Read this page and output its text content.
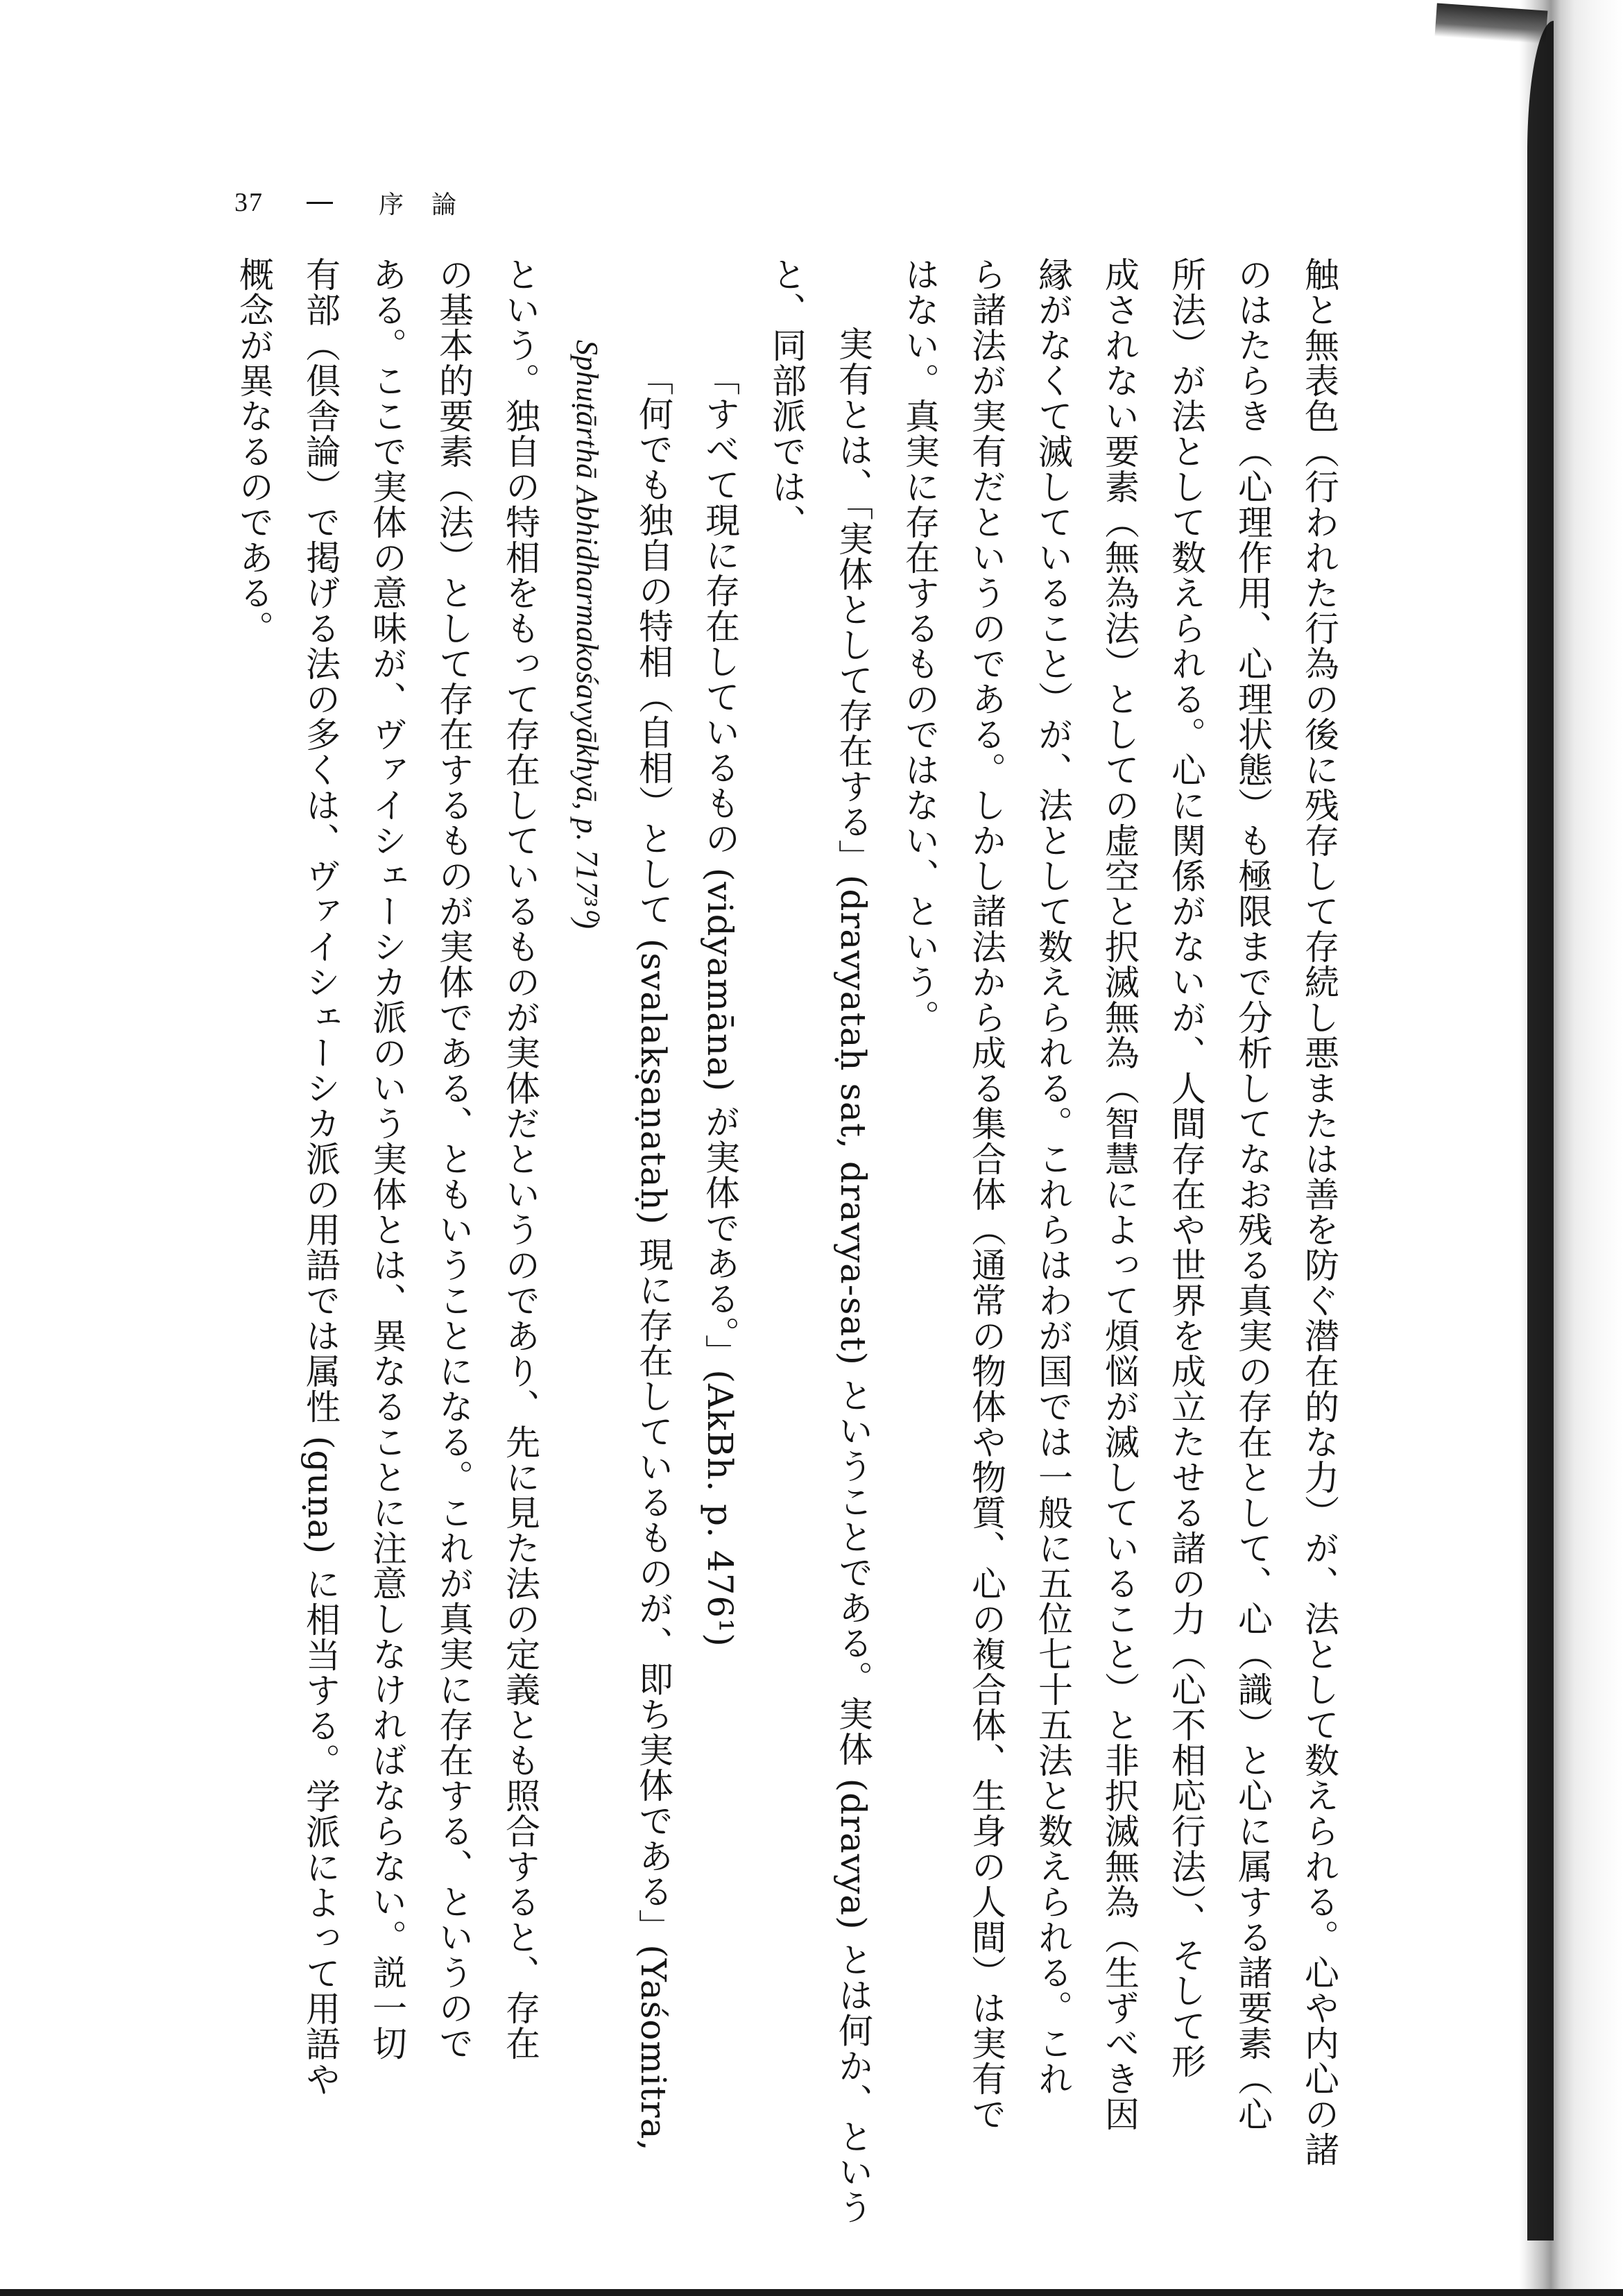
37	序　論

触と無表色（行われた行為の後に残存して存続し悪または善を防ぐ潜在的な力）が、法として数えられる。心や内心の諸

のはたらき（心理作用、心理状態）も極限まで分析してなお残る真実の存在として、心（識）と心に属する諸要素（心

所法）が法として数えられる。心に関係がないが、人間存在や世界を成立たせる諸の力（心不相応行法）、そして形

成されない要素（無為法）としての虚空と択滅無為（智慧によって煩悩が滅していること）と非択滅無為（生ずべき因

縁がなくて滅していること）が、法として数えられる。これらはわが国では一般に五位七十五法と数えられる。これ

ら諸法が実有だというのである。しかし諸法から成る集合体（通常の物体や物質、心の複合体、生身の人間）は実有で

はない。真実に存在するものではない、という。

実有とは、「実体として存在する」(dravyataḥ sat, dravya-sat) ということである。実体 (dravya) とは何か、という

と、同部派では、

「すべて現に存在しているもの (vidyamāna) が実体である。」(AkBh. p. 476¹)

「何でも独自の特相（自相）として (svalakṣaṇataḥ) 現に存在しているものが、即ち実体である」(Yaśomitra,

Sphuṭārthā Abhidharmakośavyākhyā, p. 717³⁰)

という。独自の特相をもって存在しているものが実体だというのであり、先に見た法の定義とも照合すると、存在

の基本的要素（法）として存在するものが実体である、ともいうことになる。これが真実に存在する、というので

ある。ここで実体の意味が、ヴァイシェーシカ派のいう実体とは、異なることに注意しなければならない。説一切

有部（倶舎論）で掲げる法の多くは、ヴァイシェーシカ派の用語では属性 (guṇa) に相当する。学派によって用語や

概念が異なるのである。
